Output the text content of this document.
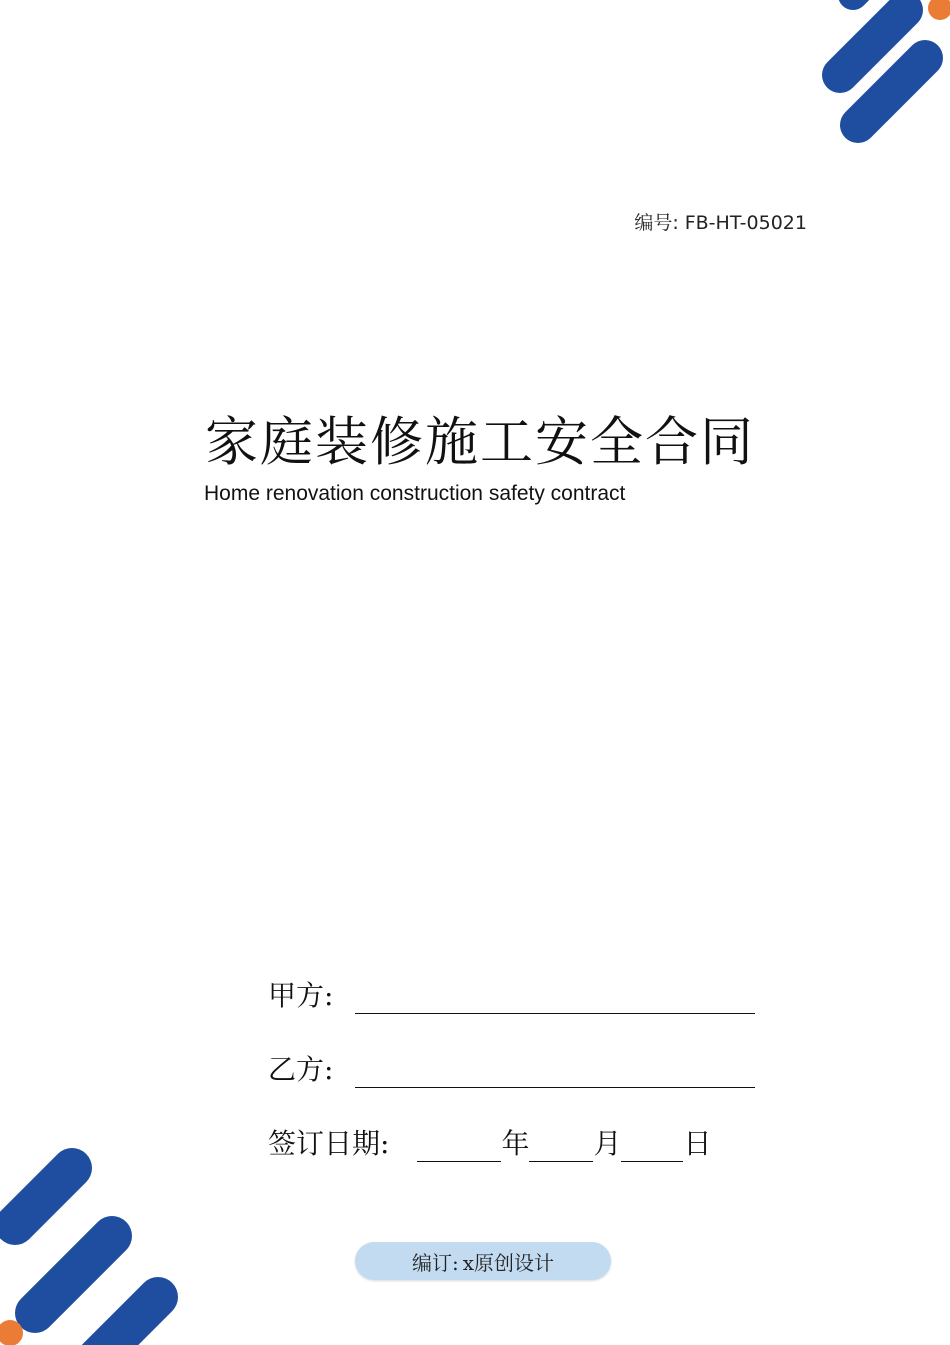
编号: FB-HT-05021
家庭装修施工安全合同
Home renovation construction safety contract
甲方:
乙方:
签订日期:	年 月 日
编订: x原创设计
